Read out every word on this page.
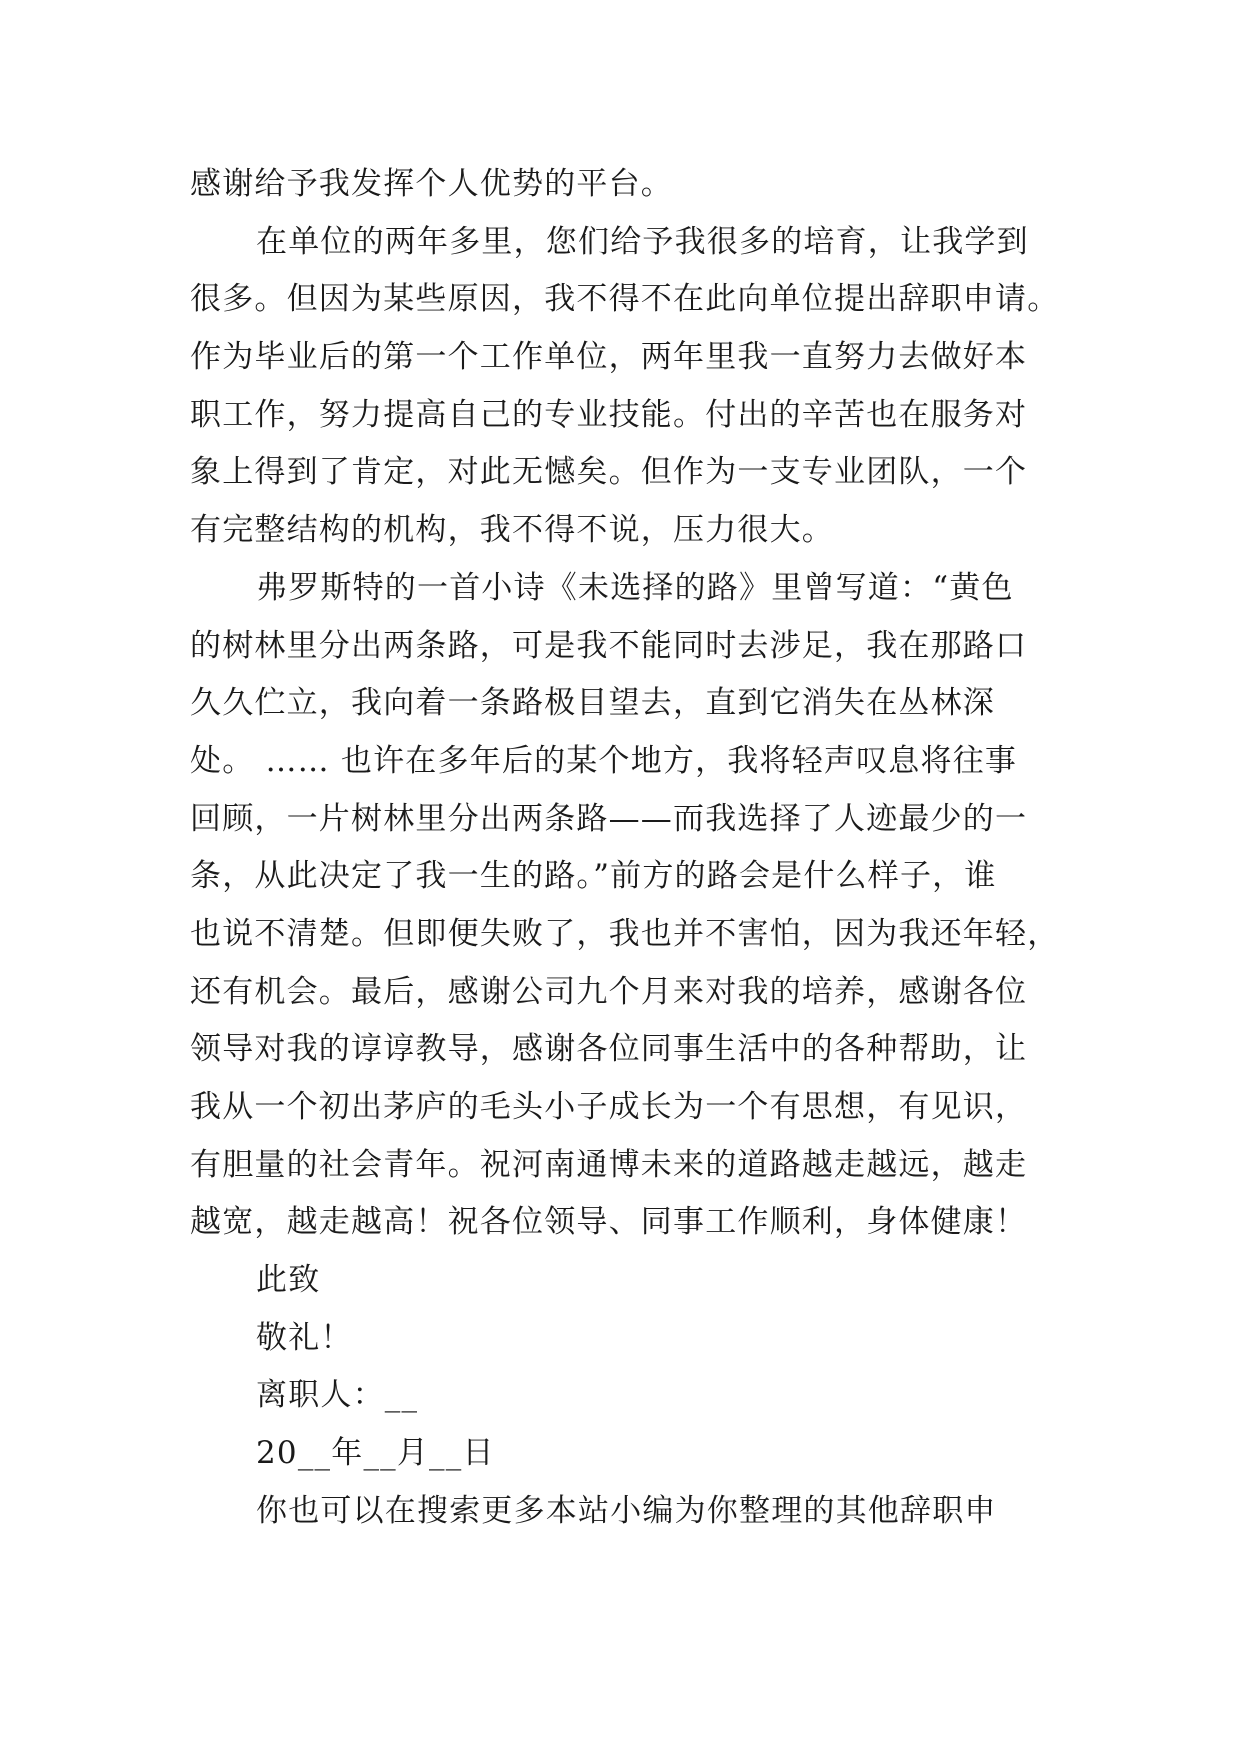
感谢给予我发挥个人优势的平台。
在单位的两年多里，您们给予我很多的培育，让我学到
很多。但因为某些原因，我不得不在此向单位提出辞职申请。
作为毕业后的第一个工作单位，两年里我一直努力去做好本
职工作，努力提高自己的专业技能。付出的辛苦也在服务对
象上得到了肯定，对此无憾矣。但作为一支专业团队，一个
有完整结构的机构，我不得不说，压力很大。
弗罗斯特的一首小诗《未选择的路》里曾写道：“黄色
的树林里分出两条路，可是我不能同时去涉足，我在那路口
久久伫立，我向着一条路极目望去，直到它消失在丛林深
处。 …… 也许在多年后的某个地方，我将轻声叹息将往事
回顾，一片树林里分出两条路——而我选择了人迹最少的一
条，从此决定了我一生的路。”前方的路会是什么样子，谁
也说不清楚。但即便失败了，我也并不害怕，因为我还年轻，
还有机会。最后，感谢公司九个月来对我的培养，感谢各位
领导对我的谆谆教导，感谢各位同事生活中的各种帮助，让
我从一个初出茅庐的毛头小子成长为一个有思想，有见识，
有胆量的社会青年。祝河南通博未来的道路越走越远，越走
越宽，越走越高！祝各位领导、同事工作顺利，身体健康！
此致
敬礼！
离职人：__
20__年__月__日
你也可以在搜索更多本站小编为你整理的其他辞职申
